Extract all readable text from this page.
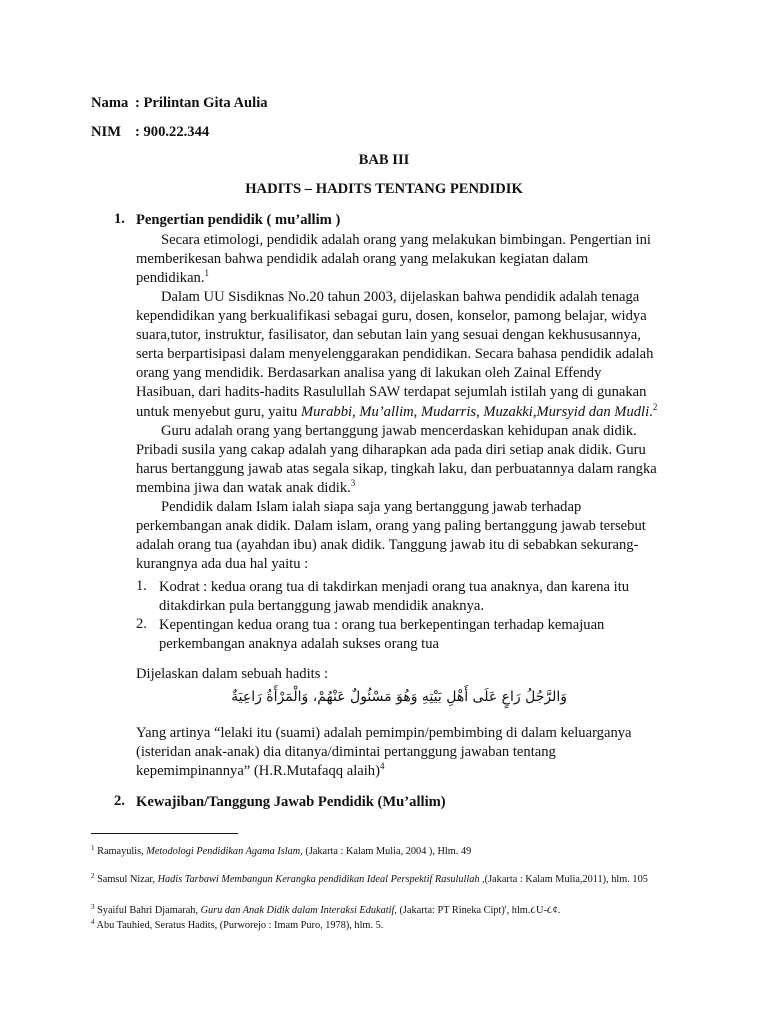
Nama : Prilintan Gita Aulia
NIM : 900.22.344
BAB III
HADITS – HADITS TENTANG PENDIDIK
1. Pengertian pendidik ( mu’allim )
Secara etimologi, pendidik adalah orang yang melakukan bimbingan. Pengertian ini
memberikesan bahwa pendidik adalah orang yang melakukan kegiatan dalam
pendidikan.$^1$
Dalam UU Sisdiknas No.20 tahun 2003, dijelaskan bahwa pendidik adalah tenaga
kependidikan yang berkualifikasi sebagai guru, dosen, konselor, pamong belajar, widya
suara,tutor, instruktur, fasilisator, dan sebutan lain yang sesuai dengan kekhususannya,
serta berpartisipasi dalam menyelenggarakan pendidikan. Secara bahasa pendidik adalah
orang yang mendidik. Berdasarkan analisa yang di lakukan oleh Zainal Effendy
Hasibuan, dari hadits-hadits Rasulullah SAW terdapat sejumlah istilah yang di gunakan
untuk menyebut guru, yaitu Murabbi, Mu’allim, Mudarris, Muzakki,Mursyid dan Mudli.$^2$
Guru adalah orang yang bertanggung jawab mencerdaskan kehidupan anak didik.
Pribadi susila yang cakap adalah yang diharapkan ada pada diri setiap anak didik. Guru
harus bertanggung jawab atas segala sikap, tingkah laku, dan perbuatannya dalam rangka
membina jiwa dan watak anak didik.$^3$
Pendidik dalam Islam ialah siapa saja yang bertanggung jawab terhadap
perkembangan anak didik. Dalam islam, orang yang paling bertanggung jawab tersebut
adalah orang tua (ayahdan ibu) anak didik. Tanggung jawab itu di sebabkan sekurang-
kurangnya ada dua hal yaitu :
1. Kodrat : kedua orang tua di takdirkan menjadi orang tua anaknya, dan karena itu
ditakdirkan pula bertanggung jawab mendidik anaknya.
2. Kepentingan kedua orang tua : orang tua berkepentingan terhadap kemajuan
perkembangan anaknya adalah sukses orang tua
Dijelaskan dalam sebuah hadits :
وَالرَّجُلُ رَاعٍ عَلَى أَهْلِ بَيْتِهِ وَهُوَ مَسْئُولٌ عَنْهُمْ، وَالْمَرْأَةُ رَاعِيَةٌ
Yang artinya “lelaki itu (suami) adalah pemimpin/pembimbing di dalam keluarganya
(isteridan anak-anak) dia ditanya/dimintai pertanggung jawaban tentang
kepemimpinannya” (H.R.Mutafaqq alaih)$^4$
2. Kewajiban/Tanggung Jawab Pendidik (Mu’allim)
$^1$ Ramayulis, Metodologi Pendidikan Agama Islam, (Jakarta : Kalam Mulia, 2004 ), Hlm. 49
$^2$ Samsul Nizar, Hadis Tarbawi Membangun Kerangka pendidikan Ideal Perspektif Rasulullah ,(Jakarta : Kalam Mulia,2011), hlm. 105
$^3$ Syaiful Bahri Djamarah, Guru dan Anak Didik dalam Interaksi Edukatif, (Jakarta: PT Rineka Cipt)', hlm.૮U-૮¢.
$^4$ Abu Tauhied, Seratus Hadits, (Purworejo : Imam Puro, 1978), hlm. 5.
